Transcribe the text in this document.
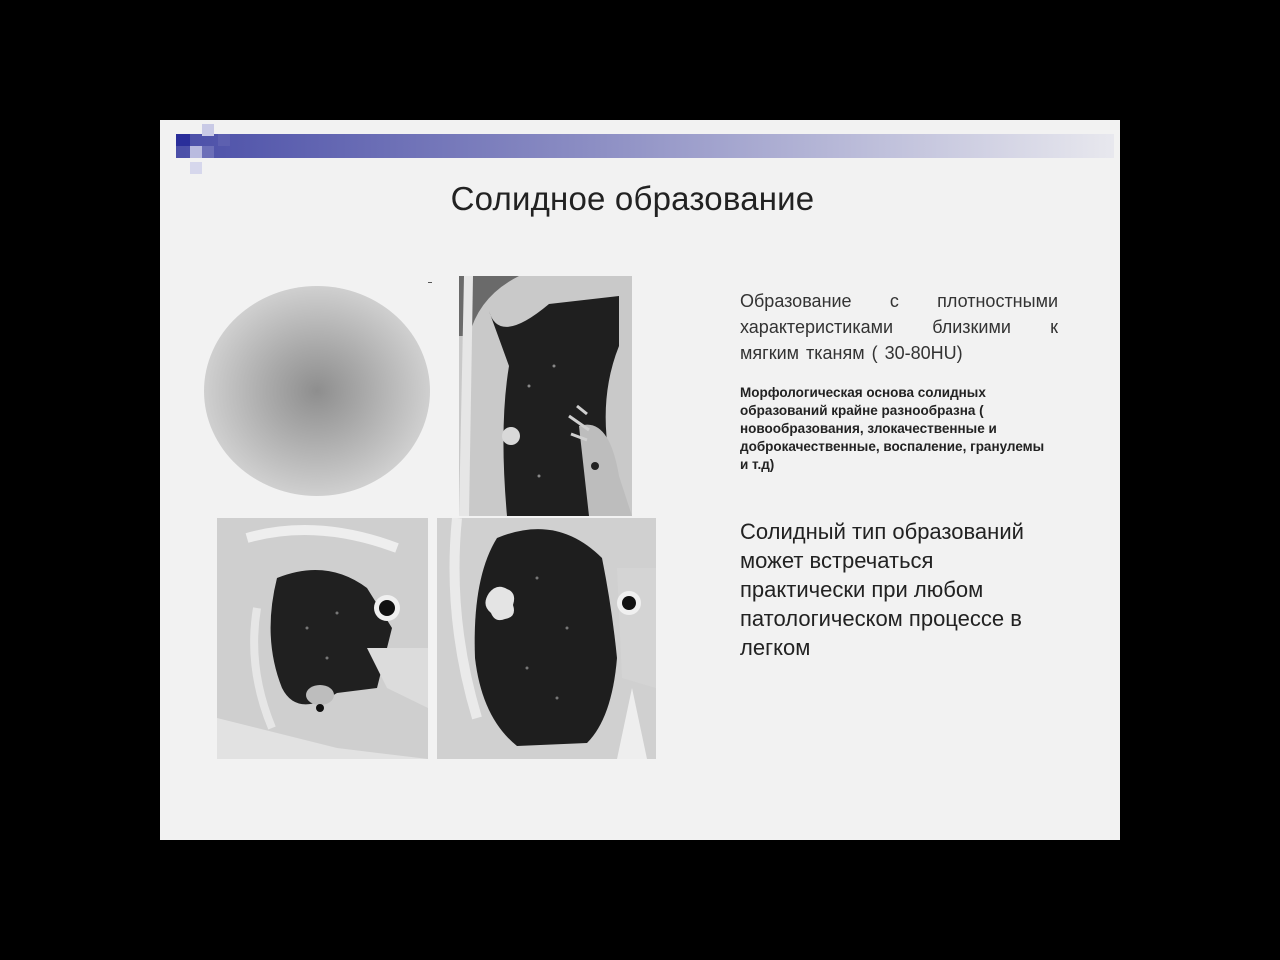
Солидное образование
Образование с плотностными характеристиками близкими к мягким тканям ( 30-80HU)
Морфологическая основа солидных образований крайне разнообразна ( новообразования, злокачественные и доброкачественные, воспаление, гранулемы и т.д)
Солидный тип образований может встречаться практически при любом патологическом процессе в легком
